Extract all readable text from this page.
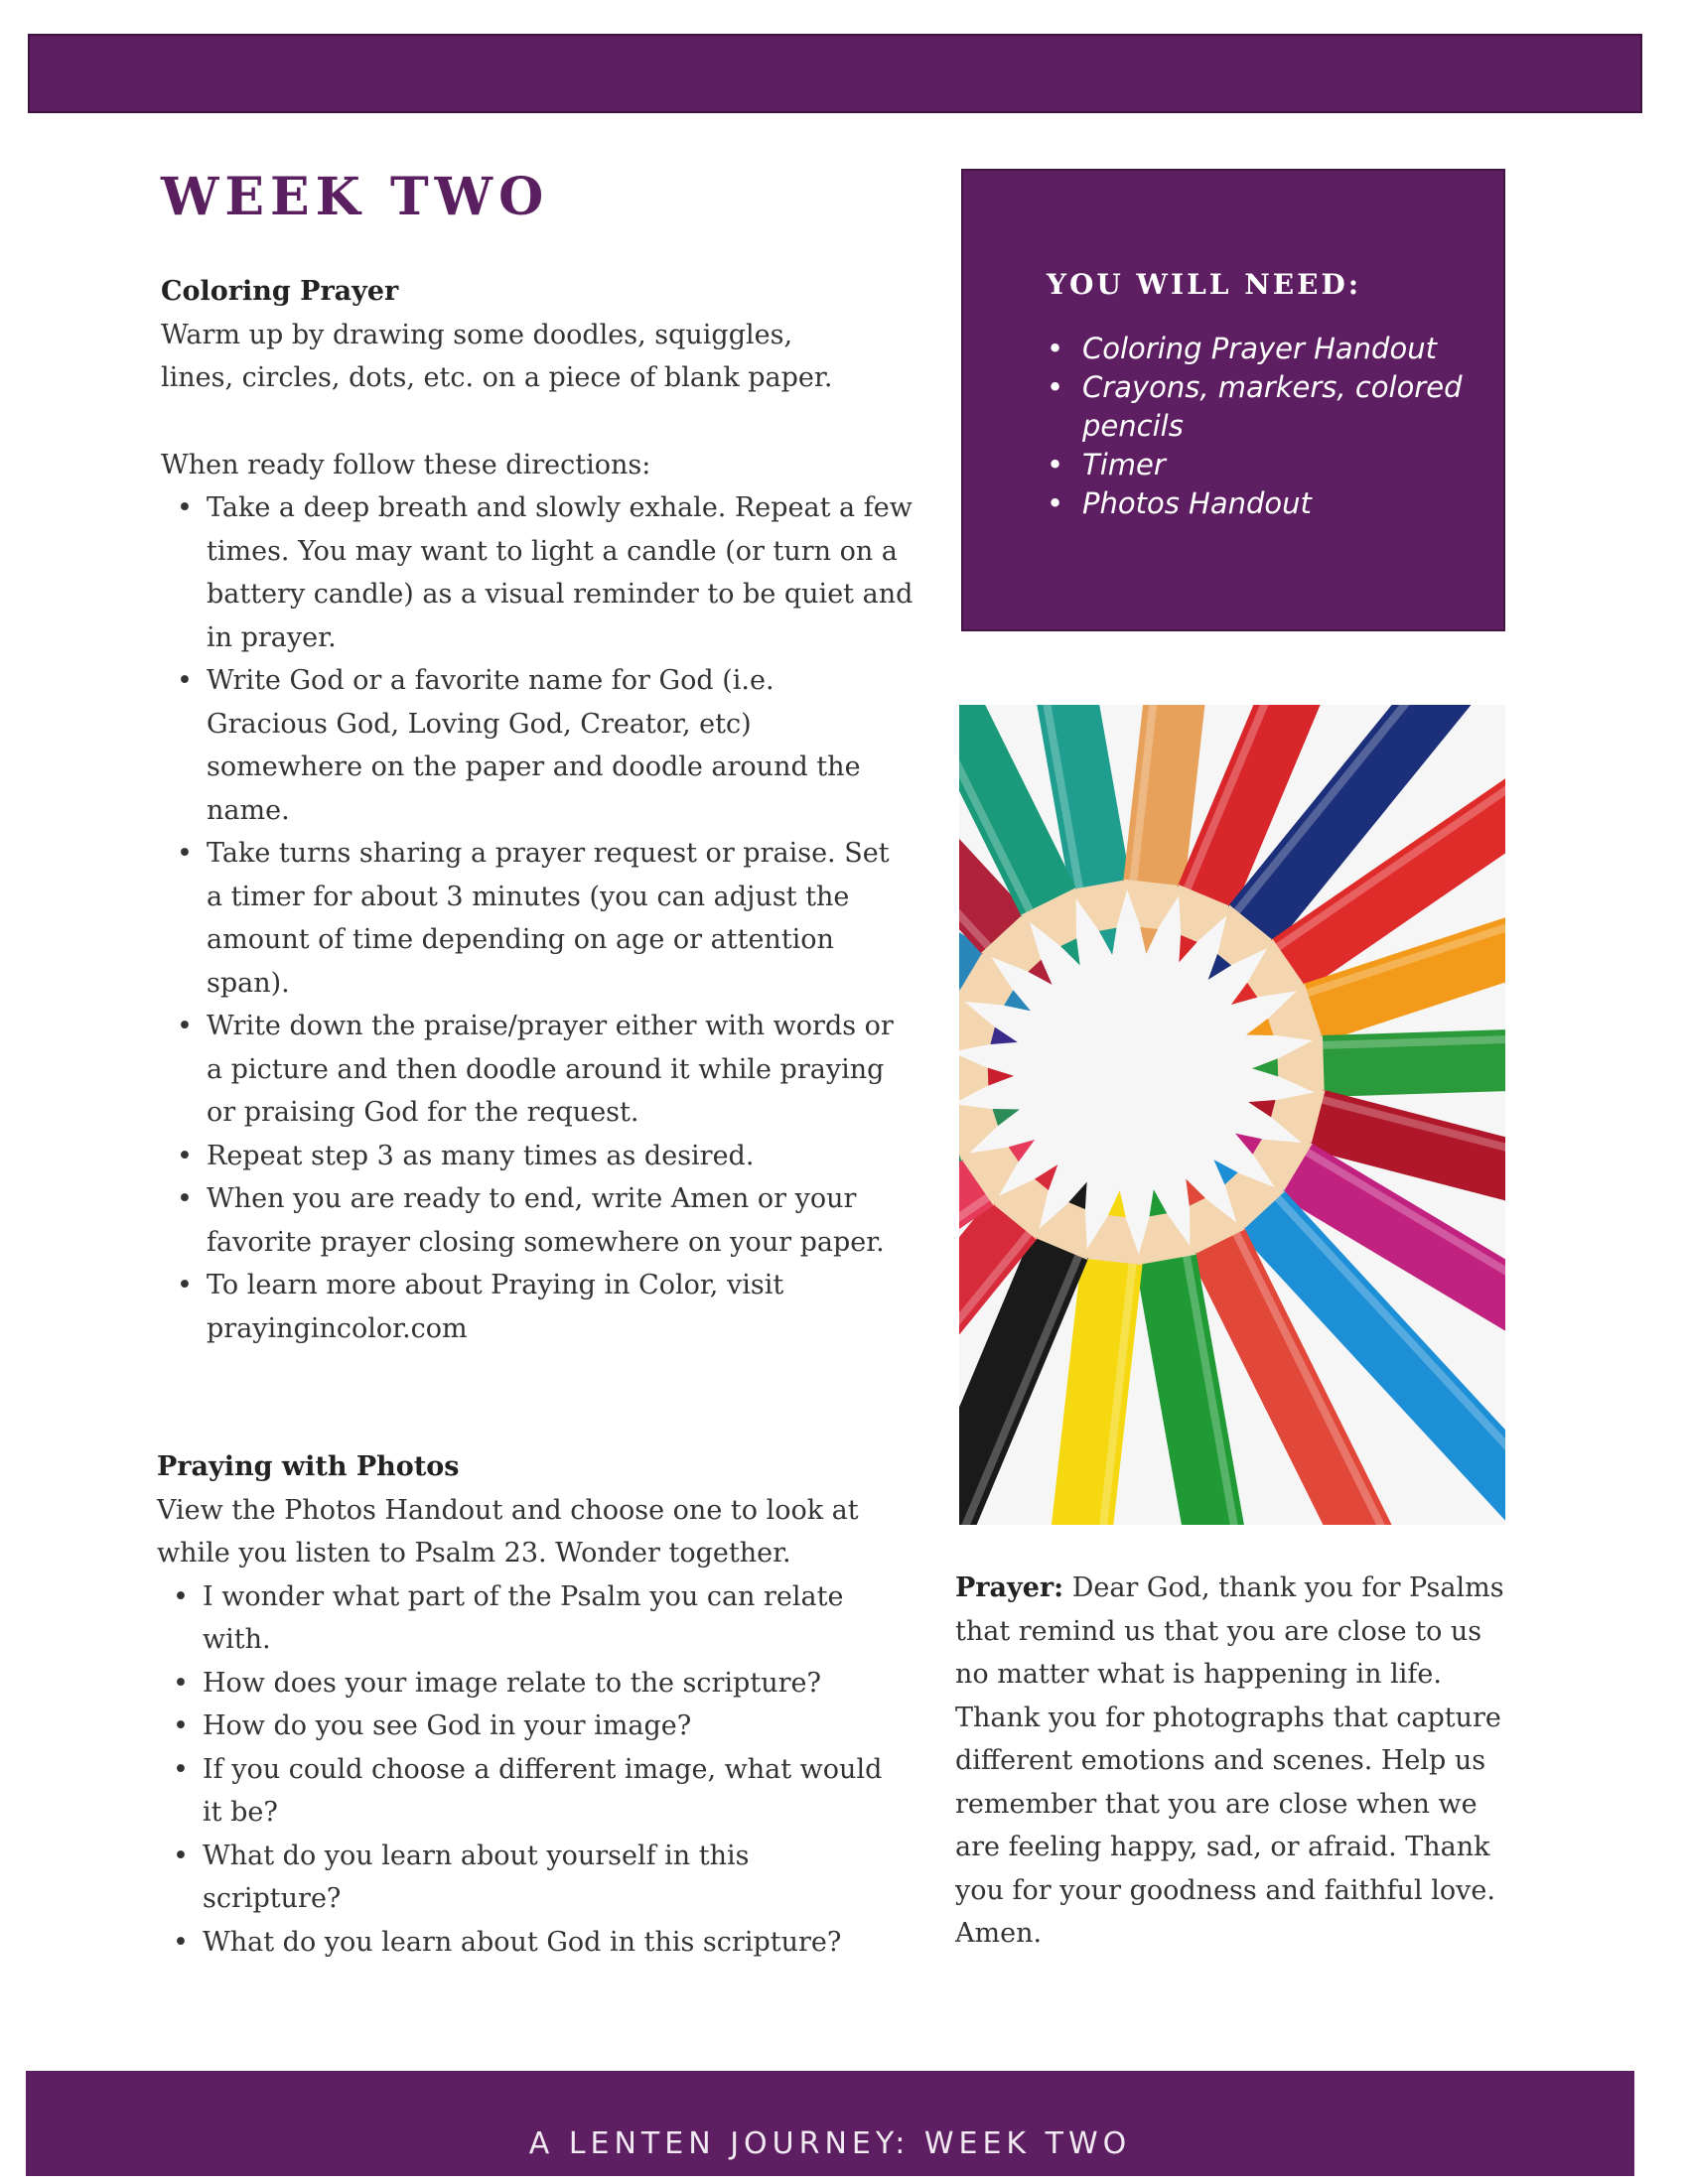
WEEK TWO

Coloring Prayer

Warm up by drawing some doodles, squiggles, lines, circles, dots, etc. on a piece of blank paper.

When ready follow these directions:

• Take a deep breath and slowly exhale. Repeat a few times. You may want to light a candle (or turn on a battery candle) as a visual reminder to be quiet and in prayer.
• Write God or a favorite name for God (i.e. Gracious God, Loving God, Creator, etc) somewhere on the paper and doodle around the name.
• Take turns sharing a prayer request or praise. Set a timer for about 3 minutes (you can adjust the amount of time depending on age or attention span).
• Write down the praise/prayer either with words or a picture and then doodle around it while praying or praising God for the request.
• Repeat step 3 as many times as desired.
• When you are ready to end, write Amen or your favorite prayer closing somewhere on your paper.
• To learn more about Praying in Color, visit prayingincolor.com

Praying with Photos

View the Photos Handout and choose one to look at while you listen to Psalm 23. Wonder together.

• I wonder what part of the Psalm you can relate with.
• How does your image relate to the scripture?
• How do you see God in your image?
• If you could choose a different image, what would it be?
• What do you learn about yourself in this scripture?
• What do you learn about God in this scripture?
YOU WILL NEED:
• Coloring Prayer Handout
• Crayons, markers, colored pencils
• Timer
• Photos Handout
Prayer: Dear God, thank you for Psalms that remind us that you are close to us no matter what is happening in life. Thank you for photographs that capture different emotions and scenes. Help us remember that you are close when we are feeling happy, sad, or afraid. Thank you for your goodness and faithful love. Amen.
A LENTEN JOURNEY: WEEK TWO
